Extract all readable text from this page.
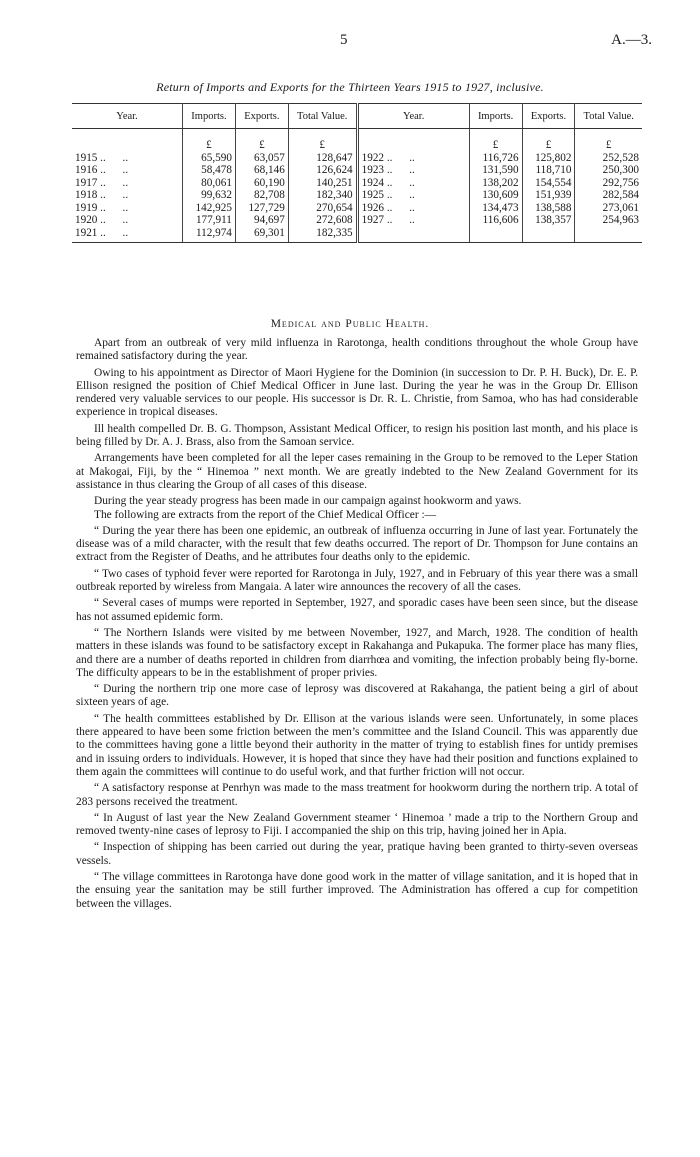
5	A.—3.
Return of Imports and Exports for the Thirteen Years 1915 to 1927, inclusive.
Year.	Imports.	Exports.	Total Value.	Year.	Imports.	Exports.	Total Value.

	£	£	£		£	£	£
1915 ..      ..	65,590	63,057	128,647	1922 ..      ..	116,726	125,802	252,528
1916 ..      ..	58,478	68,146	126,624	1923 ..      ..	131,590	118,710	250,300
1917 ..      ..	80,061	60,190	140,251	1924 ..      ..	138,202	154,554	292,756
1918 ..      ..	99,632	82,708	182,340	1925 ..      ..	130,609	151,939	282,584
1919 ..      ..	142,925	127,729	270,654	1926 ..      ..	134,473	138,588	273,061
1920 ..      ..	177,911	94,697	272,608	1927 ..      ..	116,606	138,357	254,963
1921 ..      ..	112,974	69,301	182,335				
Medical and Public Health.

Apart from an outbreak of very mild influenza in Rarotonga, health conditions throughout the whole Group have remained satisfactory during the year.

Owing to his appointment as Director of Maori Hygiene for the Dominion (in succession to Dr. P. H. Buck), Dr. E. P. Ellison resigned the position of Chief Medical Officer in June last. During the year he was in the Group Dr. Ellison rendered very valuable services to our people. His successor is Dr. R. L. Christie, from Samoa, who has had considerable experience in tropical diseases.

Ill health compelled Dr. B. G. Thompson, Assistant Medical Officer, to resign his position last month, and his place is being filled by Dr. A. J. Brass, also from the Samoan service.

Arrangements have been completed for all the leper cases remaining in the Group to be removed to the Leper Station at Makogai, Fiji, by the “ Hinemoa ” next month. We are greatly indebted to the New Zealand Government for its assistance in thus clearing the Group of all cases of this disease.

During the year steady progress has been made in our campaign against hookworm and yaws.

The following are extracts from the report of the Chief Medical Officer :—

“ During the year there has been one epidemic, an outbreak of influenza occurring in June of last year. Fortunately the disease was of a mild character, with the result that few deaths occurred. The report of Dr. Thompson for June contains an extract from the Register of Deaths, and he attributes four deaths only to the epidemic.

“ Two cases of typhoid fever were reported for Rarotonga in July, 1927, and in February of this year there was a small outbreak reported by wireless from Mangaia. A later wire announces the recovery of all the cases.

“ Several cases of mumps were reported in September, 1927, and sporadic cases have been seen since, but the disease has not assumed epidemic form.

“ The Northern Islands were visited by me between November, 1927, and March, 1928. The condition of health matters in these islands was found to be satisfactory except in Rakahanga and Pukapuka. The former place has many flies, and there are a number of deaths reported in children from diarrhœa and vomiting, the infection probably being fly-borne. The difficulty appears to be in the establishment of proper privies.

“ During the northern trip one more case of leprosy was discovered at Rakahanga, the patient being a girl of about sixteen years of age.

“ The health committees established by Dr. Ellison at the various islands were seen. Unfortunately, in some places there appeared to have been some friction between the men’s committee and the Island Council. This was apparently due to the committees having gone a little beyond their authority in the matter of trying to establish fines for untidy premises and in issuing orders to individuals. However, it is hoped that since they have had their position and functions explained to them again the committees will continue to do useful work, and that further friction will not occur.

“ A satisfactory response at Penrhyn was made to the mass treatment for hookworm during the northern trip. A total of 283 persons received the treatment.

“ In August of last year the New Zealand Government steamer ‘ Hinemoa ’ made a trip to the Northern Group and removed twenty-nine cases of leprosy to Fiji. I accompanied the ship on this trip, having joined her in Apia.

“ Inspection of shipping has been carried out during the year, pratique having been granted to thirty-seven overseas vessels.

“ The village committees in Rarotonga have done good work in the matter of village sanitation, and it is hoped that in the ensuing year the sanitation may be still further improved. The Administration has offered a cup for competition between the villages.
